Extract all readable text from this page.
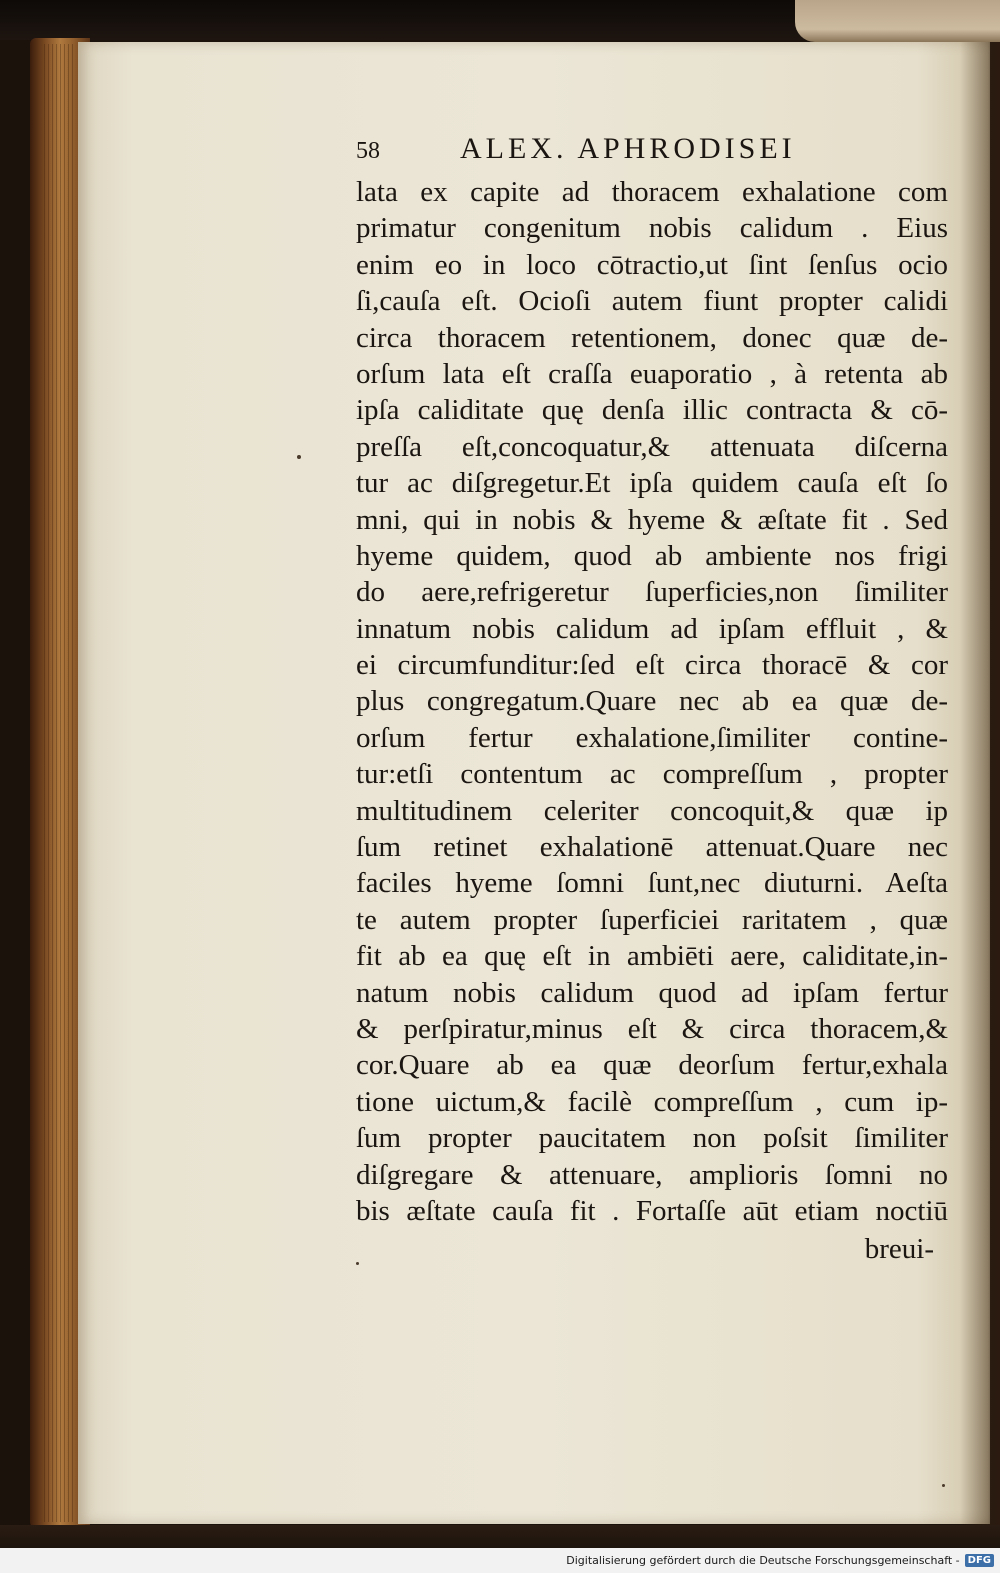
58	ALEX. APHRODISEI
lata ex capite ad thoracem exhalatione com
primatur congenitum nobis calidum . Eius
enim eo in loco cōtractio,ut ſint ſenſus ocio
ſi,cauſa eſt. Ocioſi autem fiunt propter calidi
circa thoracem retentionem, donec quæ de-
orſum lata eſt craſſa euaporatio , à retenta ab
ipſa caliditate quę denſa illic contracta & cō-
preſſa eſt,concoquatur,& attenuata diſcerna
tur ac diſgregetur.Et ipſa quidem cauſa eſt ſo
mni, qui in nobis & hyeme & æſtate fit . Sed
hyeme quidem, quod ab ambiente nos frigi
do aere,refrigeretur ſuperficies,non ſimiliter
innatum nobis calidum ad ipſam effluit , &
ei circumfunditur:ſed eſt circa thoracē & cor
plus congregatum.Quare nec ab ea quæ de-
orſum fertur exhalatione,ſimiliter contine-
tur:etſi contentum ac compreſſum , propter
multitudinem celeriter concoquit,& quæ ip
ſum retinet exhalationē attenuat.Quare nec
faciles hyeme ſomni ſunt,nec diuturni. Aeſta
te autem propter ſuperficiei raritatem , quæ
fit ab ea quę eſt in ambiēti aere, caliditate,in-
natum nobis calidum quod ad ipſam fertur
& perſpiratur,minus eſt & circa thoracem,&
cor.Quare ab ea quæ deorſum fertur,exhala
tione uictum,& facilè compreſſum , cum ip-
ſum propter paucitatem non poſsit ſimiliter
diſgregare & attenuare, amplioris ſomni no
bis æſtate cauſa fit . Fortaſſe aūt etiam noctiū
breui-
Digitalisierung gefördert durch die Deutsche Forschungsgemeinschaft - DFG
